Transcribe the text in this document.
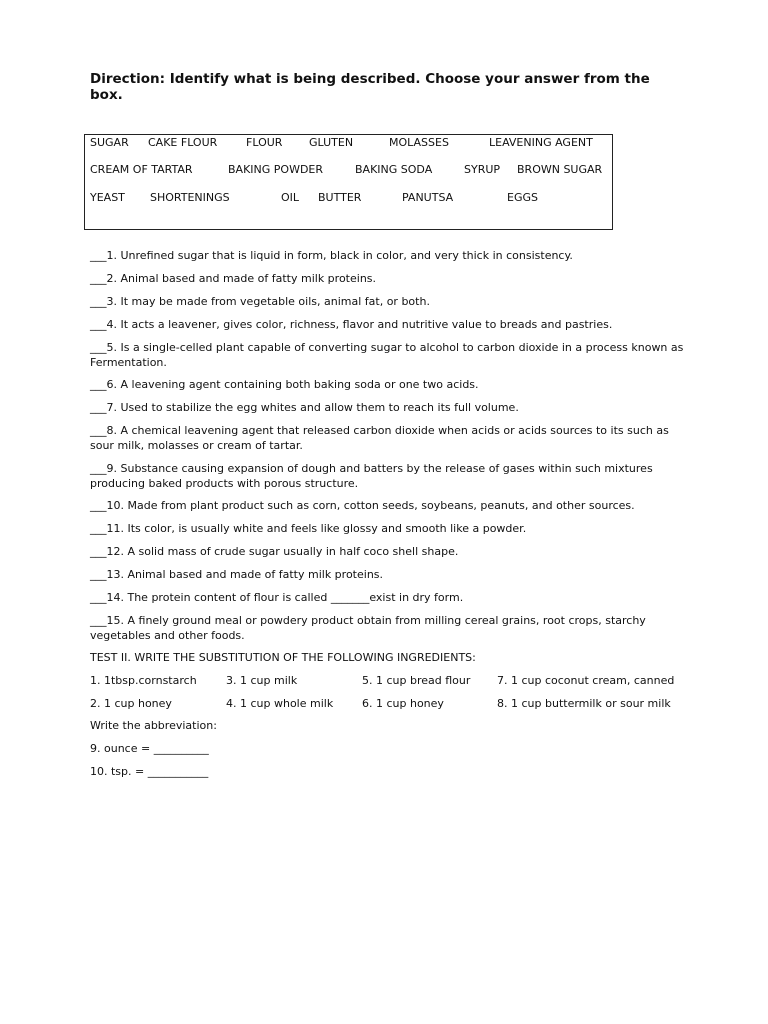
Direction: Identify what is being described. Choose your answer from the box.
SUGAR CAKE FLOUR	FLOUR GLUTEN	MOLASSES	LEAVENING AGENT
CREAM OF TARTAR	BAKING POWDER	BAKING SODA	SYRUP BROWN SUGAR
YEAST SHORTENINGS	OIL BUTTER	PANUTSA	EGGS
___1. Unrefined sugar that is liquid in form, black in color, and very thick in consistency.
___2. Animal based and made of fatty milk proteins.
___3. It may be made from vegetable oils, animal fat, or both.
___4. It acts a leavener, gives color, richness, flavor and nutritive value to breads and pastries.
___5. Is a single-celled plant capable of converting sugar to alcohol to carbon dioxide in a process known as Fermentation.
___6. A leavening agent containing both baking soda or one two acids.
___7. Used to stabilize the egg whites and allow them to reach its full volume.
___8. A chemical leavening agent that released carbon dioxide when acids or acids sources to its such as sour milk, molasses or cream of tartar.
___9. Substance causing expansion of dough and batters by the release of gases within such mixtures producing baked products with porous structure.
___10. Made from plant product such as corn, cotton seeds, soybeans, peanuts, and other sources.
___11. Its color, is usually white and feels like glossy and smooth like a powder.
___12. A solid mass of crude sugar usually in half coco shell shape.
___13. Animal based and made of fatty milk proteins.
___14. The protein content of flour is called _______exist in dry form.
___15. A finely ground meal or powdery product obtain from milling cereal grains, root crops, starchy vegetables and other foods.
TEST II. WRITE THE SUBSTITUTION OF THE FOLLOWING INGREDIENTS:
1. 1tbsp.cornstarch	3. 1 cup milk	5. 1 cup bread flour 7. 1 cup coconut cream, canned
2. 1 cup honey	4. 1 cup whole milk	6. 1 cup honey	8. 1 cup buttermilk or sour milk
Write the abbreviation:
9. ounce = __________
10. tsp. = ___________
